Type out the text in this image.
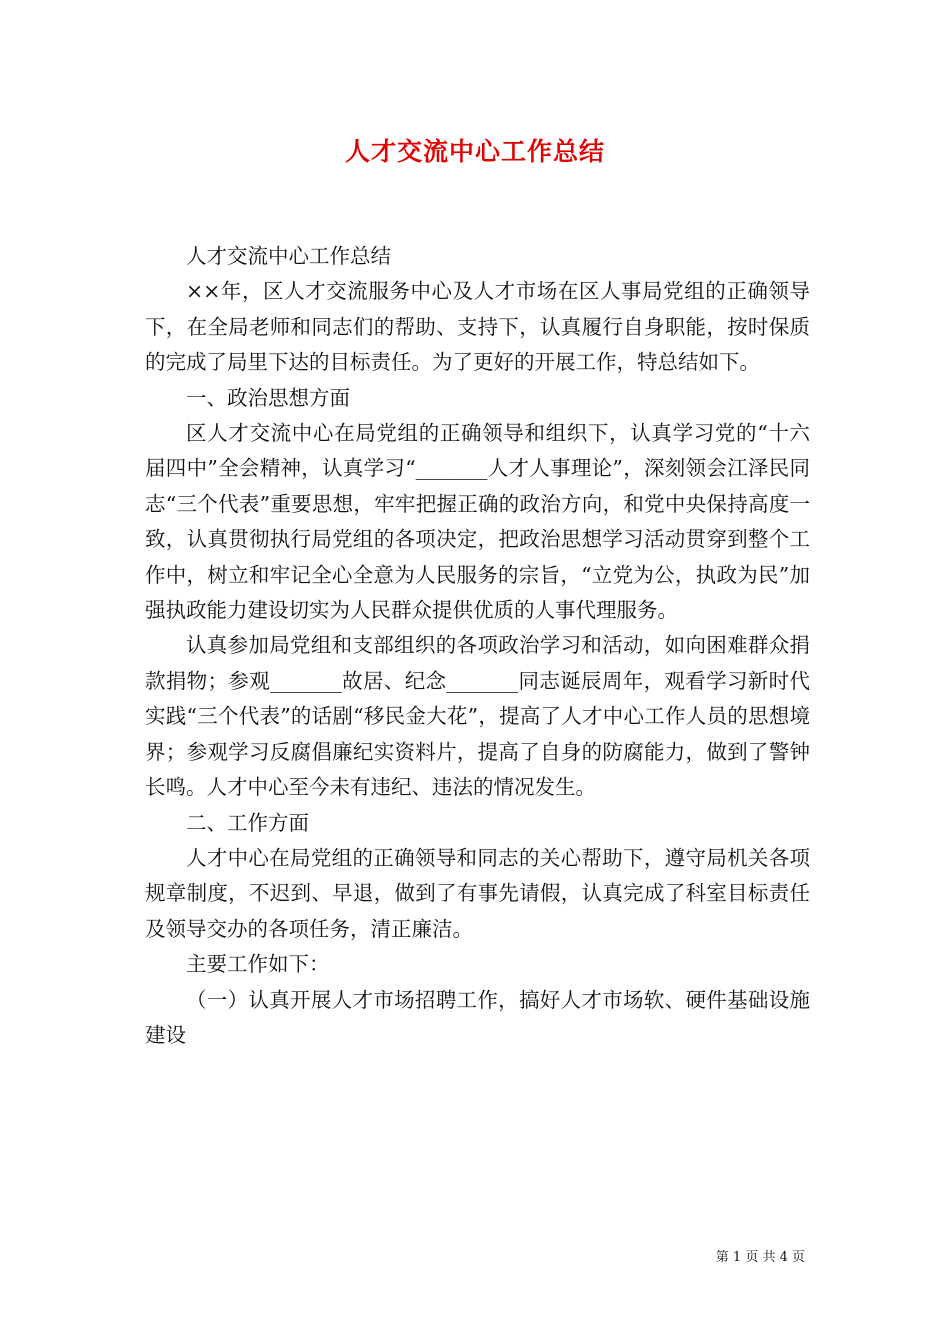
人才交流中心工作总结

人才交流中心工作总结

××年，区人才交流服务中心及人才市场在区人事局党组的正确领导下，在全局老师和同志们的帮助、支持下，认真履行自身职能，按时保质的完成了局里下达的目标责任。为了更好的开展工作，特总结如下。

一、政治思想方面

区人才交流中心在局党组的正确领导和组织下，认真学习党的“十六届四中”全会精神，认真学习“_______人才人事理论”，深刻领会江泽民同志“三个代表”重要思想，牢牢把握正确的政治方向，和党中央保持高度一致，认真贯彻执行局党组的各项决定，把政治思想学习活动贯穿到整个工作中，树立和牢记全心全意为人民服务的宗旨，“立党为公，执政为民”加强执政能力建设切实为人民群众提供优质的人事代理服务。

认真参加局党组和支部组织的各项政治学习和活动，如向困难群众捐款捐物；参观_______故居、纪念_______同志诞辰周年，观看学习新时代实践“三个代表”的话剧“移民金大花”，提高了人才中心工作人员的思想境界；参观学习反腐倡廉纪实资料片，提高了自身的防腐能力，做到了警钟长鸣。人才中心至今未有违纪、违法的情况发生。

二、工作方面

人才中心在局党组的正确领导和同志的关心帮助下，遵守局机关各项规章制度，不迟到、早退，做到了有事先请假，认真完成了科室目标责任及领导交办的各项任务，清正廉洁。

主要工作如下：

（一）认真开展人才市场招聘工作，搞好人才市场软、硬件基础设施建设

第 1 页 共 4 页
